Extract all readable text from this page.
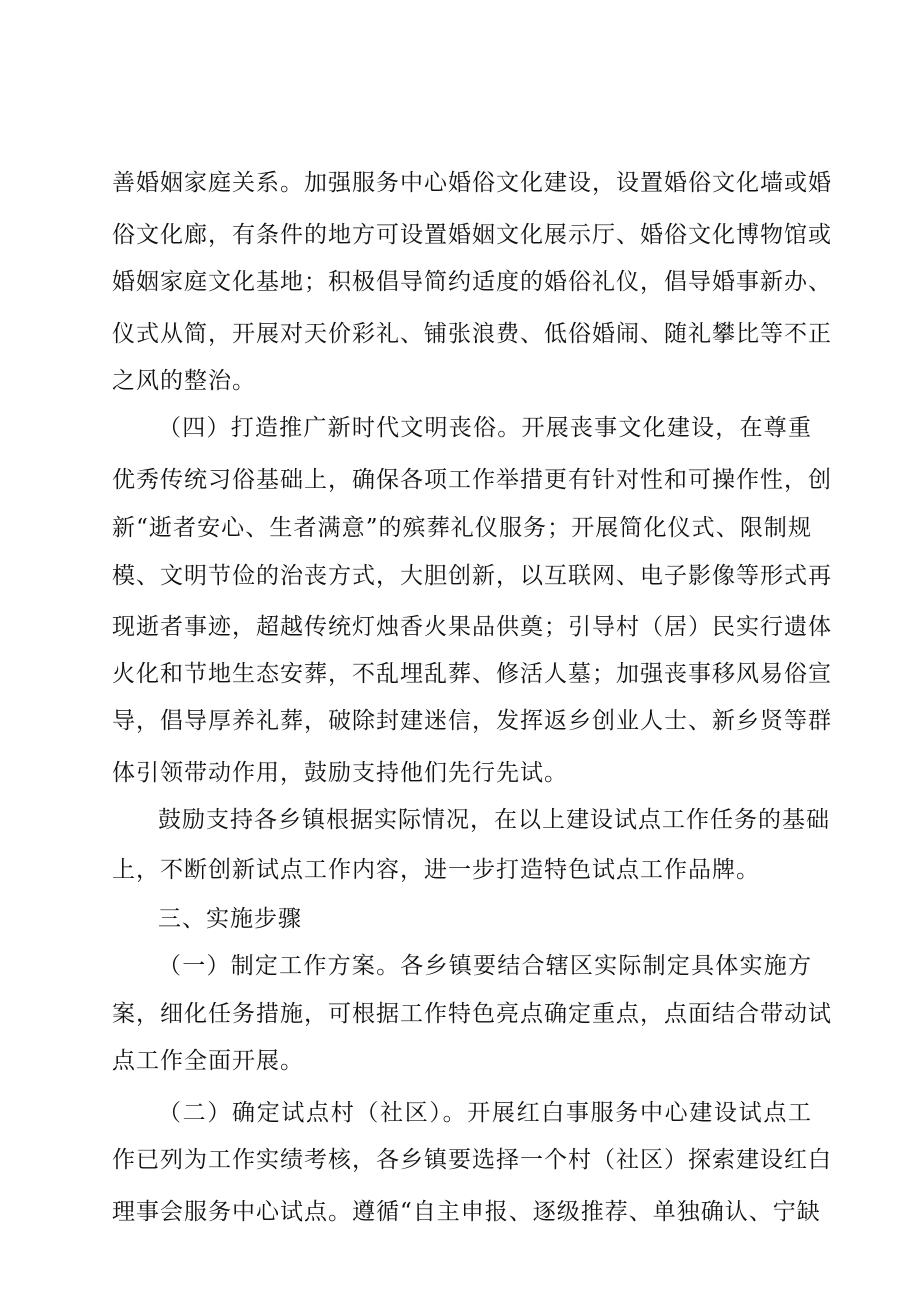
善婚姻家庭关系。加强服务中心婚俗文化建设，设置婚俗文化墙或婚
俗文化廊，有条件的地方可设置婚姻文化展示厅、婚俗文化博物馆或
婚姻家庭文化基地；积极倡导简约适度的婚俗礼仪，倡导婚事新办、
仪式从简，开展对天价彩礼、铺张浪费、低俗婚闹、随礼攀比等不正
之风的整治。
（四）打造推广新时代文明丧俗。开展丧事文化建设，在尊重
优秀传统习俗基础上，确保各项工作举措更有针对性和可操作性，创
新“逝者安心、生者满意”的殡葬礼仪服务；开展简化仪式、限制规
模、文明节俭的治丧方式，大胆创新，以互联网、电子影像等形式再
现逝者事迹，超越传统灯烛香火果品供奠；引导村（居）民实行遗体
火化和节地生态安葬，不乱埋乱葬、修活人墓；加强丧事移风易俗宣
导，倡导厚养礼葬，破除封建迷信，发挥返乡创业人士、新乡贤等群
体引领带动作用，鼓励支持他们先行先试。
鼓励支持各乡镇根据实际情况，在以上建设试点工作任务的基础
上，不断创新试点工作内容，进一步打造特色试点工作品牌。
三、实施步骤
（一）制定工作方案。各乡镇要结合辖区实际制定具体实施方
案，细化任务措施，可根据工作特色亮点确定重点，点面结合带动试
点工作全面开展。
（二）确定试点村（社区）。开展红白事服务中心建设试点工
作已列为工作实绩考核，各乡镇要选择一个村（社区）探索建设红白
理事会服务中心试点。遵循“自主申报、逐级推荐、单独确认、宁缺
